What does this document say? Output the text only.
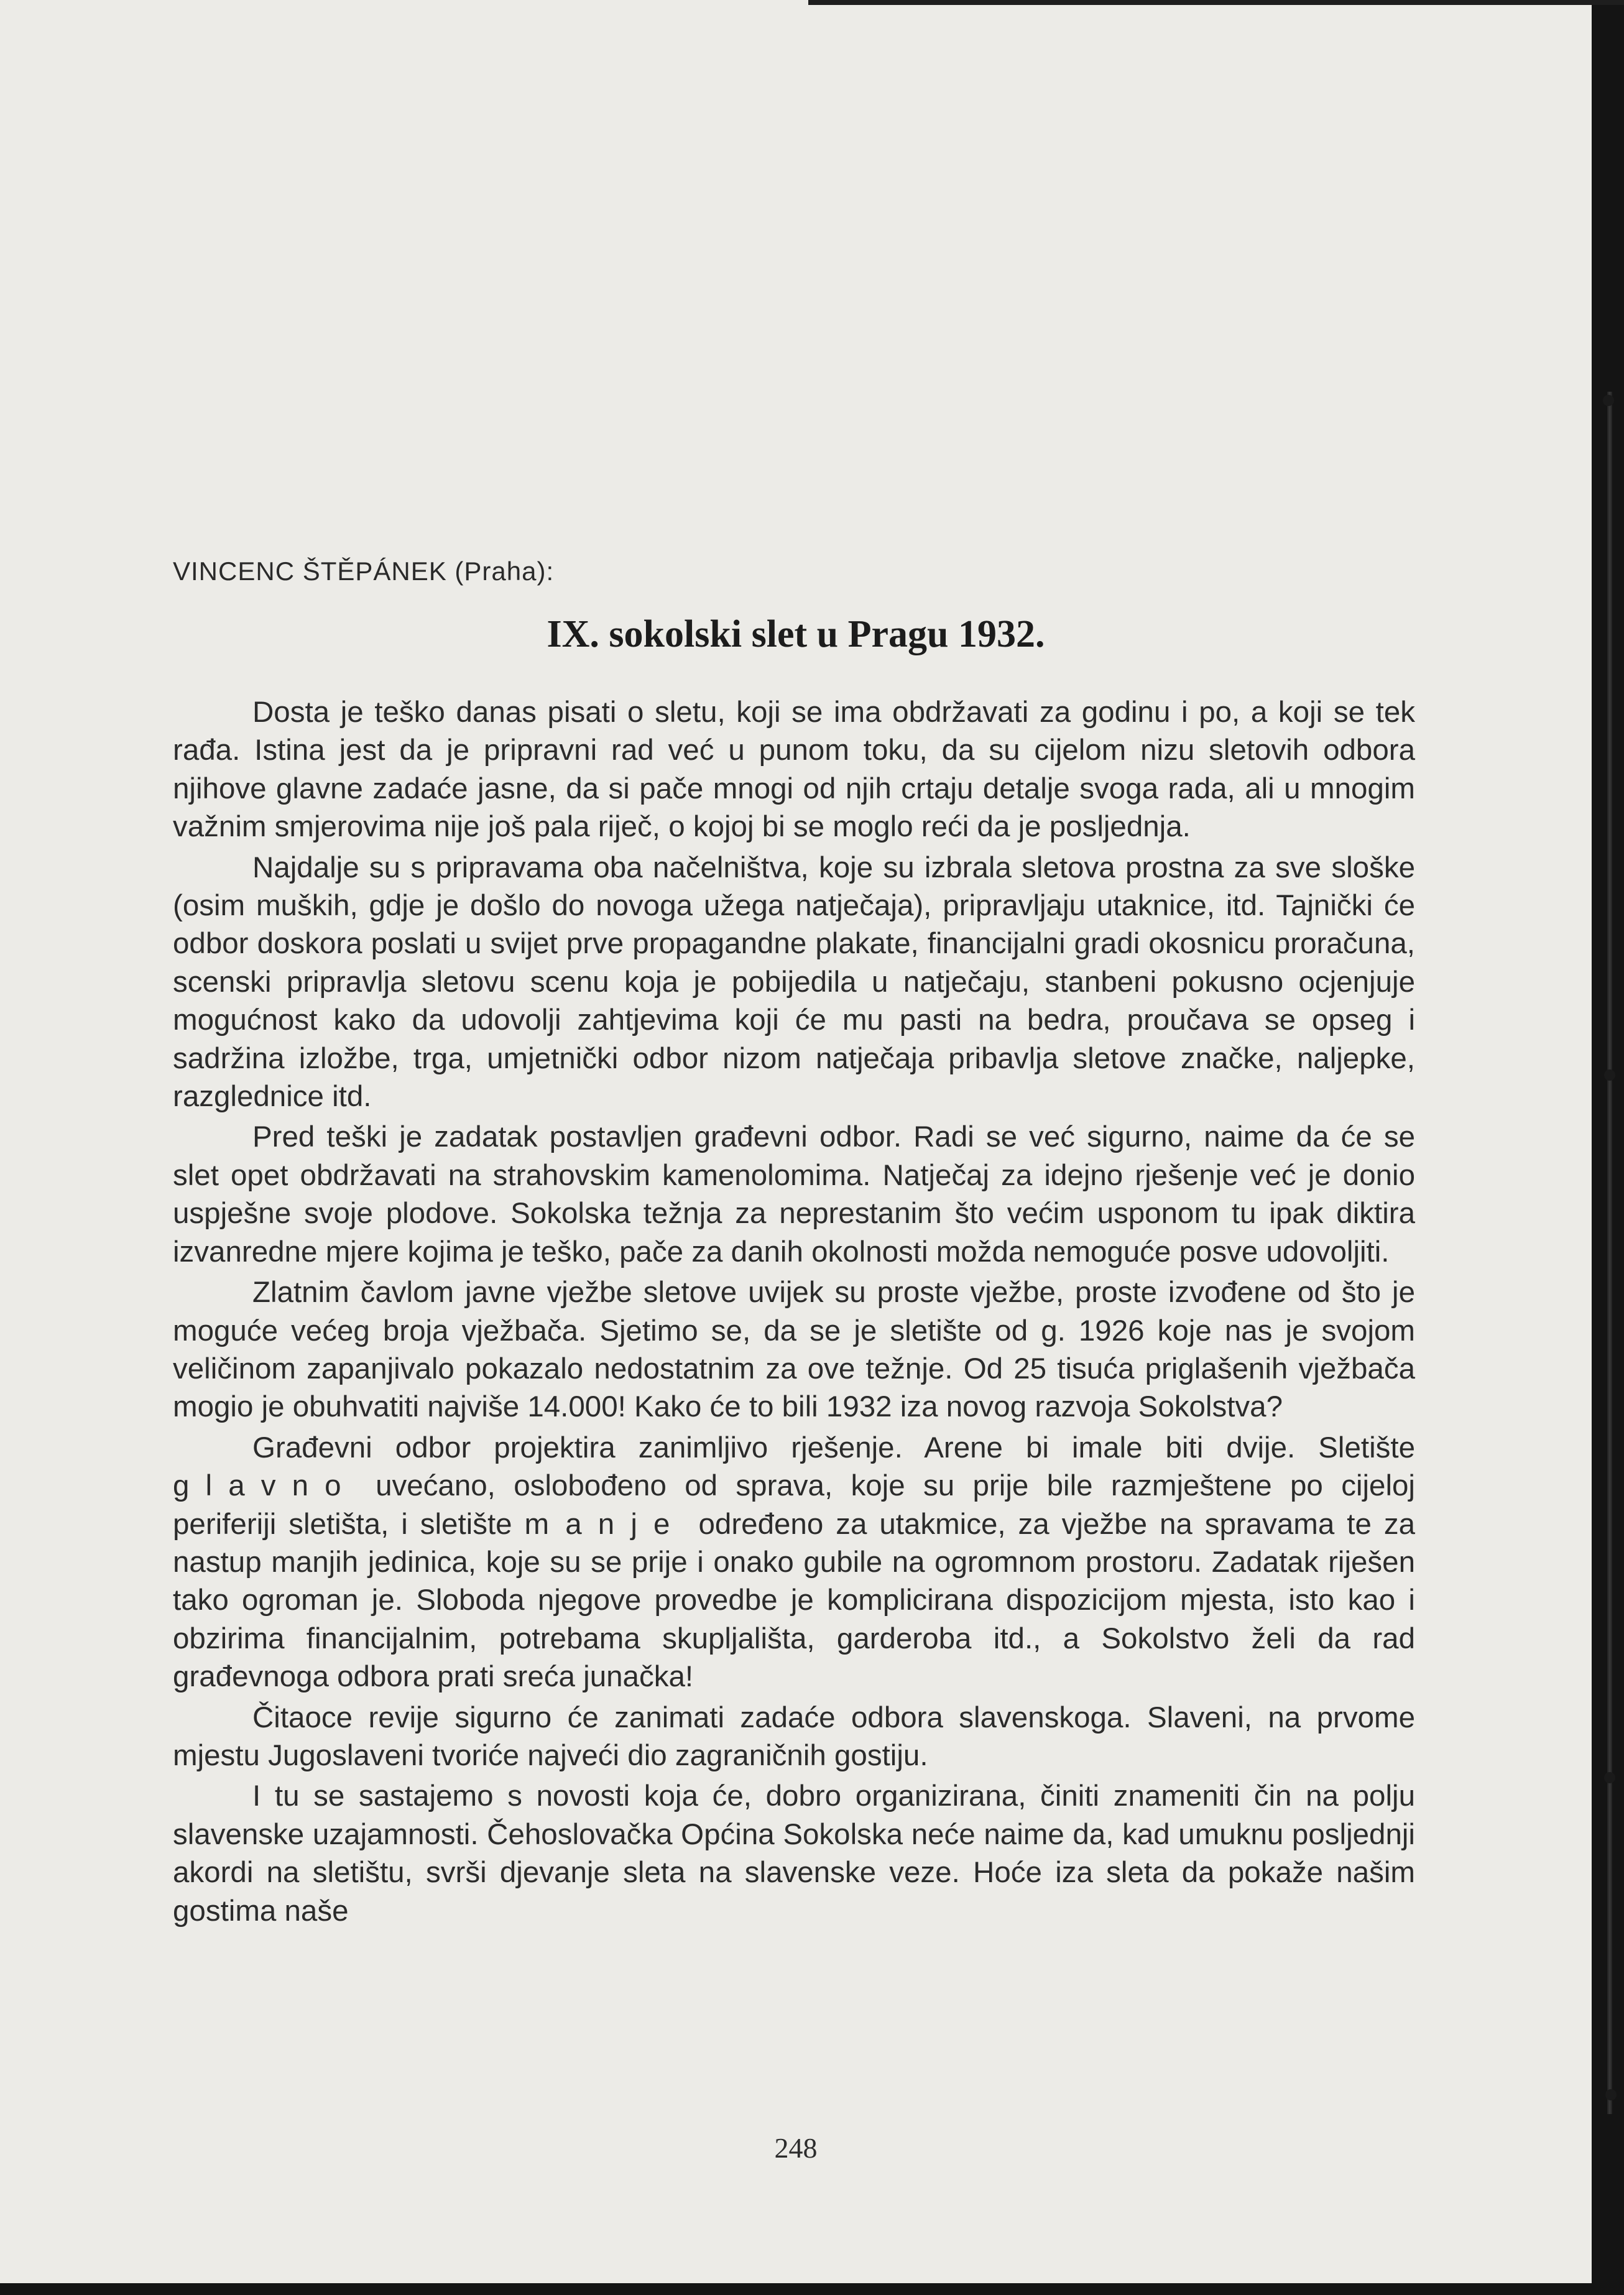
VINCENC ŠTĚPÁNEK (Praha):
IX. sokolski slet u Pragu 1932.

Dosta je teško danas pisati o sletu, koji se ima obdržavati za godinu i po, a koji se tek rađa. Istina jest da je pripravni rad već u punom toku, da su cijelom nizu sletovih odbora njihove glavne zadaće jasne, da si pače mnogi od njih crtaju detalje svoga rada, ali u mnogim važnim smjerovima nije još pala riječ, o kojoj bi se moglo reći da je posljednja.

Najdalje su s pripravama oba načelništva, koje su izbrala sletova prostna za sve sloške (osim muških, gdje je došlo do novoga užega natječaja), pripravljaju utaknice, itd. Tajnički će odbor doskora poslati u svijet prve propagandne plakate, financijalni gradi okosnicu proračuna, scenski pripravlja sletovu scenu koja je pobijedila u natječaju, stanbeni pokusno ocjenjuje mogućnost kako da udovolji zahtjevima koji će mu pasti na bedra, proučava se opseg i sadržina izložbe, trga, umjetnički odbor nizom natječaja pribavlja sletove značke, naljepke, razglednice itd.

Pred teški je zadatak postavljen građevni odbor. Radi se već sigurno, naime da će se slet opet obdržavati na strahovskim kamenolomima. Natječaj za idejno rješenje već je donio uspješne svoje plodove. Sokolska težnja za neprestanim što većim usponom tu ipak diktira izvanredne mjere kojima je teško, pače za danih okolnosti možda nemoguće posve udovoljiti.

Zlatnim čavlom javne vježbe sletove uvijek su proste vježbe, proste izvođene od što je moguće većeg broja vježbača. Sjetimo se, da se je sletište od g. 1926 koje nas je svojom veličinom zapanjivalo pokazalo nedostatnim za ove težnje. Od 25 tisuća priglašenih vježbača mogio je obuhvatiti najviše 14.000! Kako će to bili 1932 iza novog razvoja Sokolstva?

Građevni odbor projektira zanimljivo rješenje. Arene bi imale biti dvije. Sletište glavno uvećano, oslobođeno od sprava, koje su prije bile razmještene po cijeloj periferiji sletišta, i sletište manje određeno za utakmice, za vježbe na spravama te za nastup manjih jedinica, koje su se prije i onako gubile na ogromnom prostoru. Zadatak riješen tako ogroman je. Sloboda njegove provedbe je komplicirana dispozicijom mjesta, isto kao i obzirima financijalnim, potrebama skupljališta, garderoba itd., a Sokolstvo želi da rad građevnoga odbora prati sreća junačka!

Čitaoce revije sigurno će zanimati zadaće odbora slavenskoga. Slaveni, na prvome mjestu Jugoslaveni tvoriće najveći dio zagraničnih gostiju.

I tu se sastajemo s novosti koja će, dobro organizirana, činiti znameniti čin na polju slavenske uzajamnosti. Čehoslovačka Općina Sokolska neće naime da, kad umuknu posljednji akordi na sletištu, svrši djevanje sleta na slavenske veze. Hoće iza sleta da pokaže našim gostima naše

248
